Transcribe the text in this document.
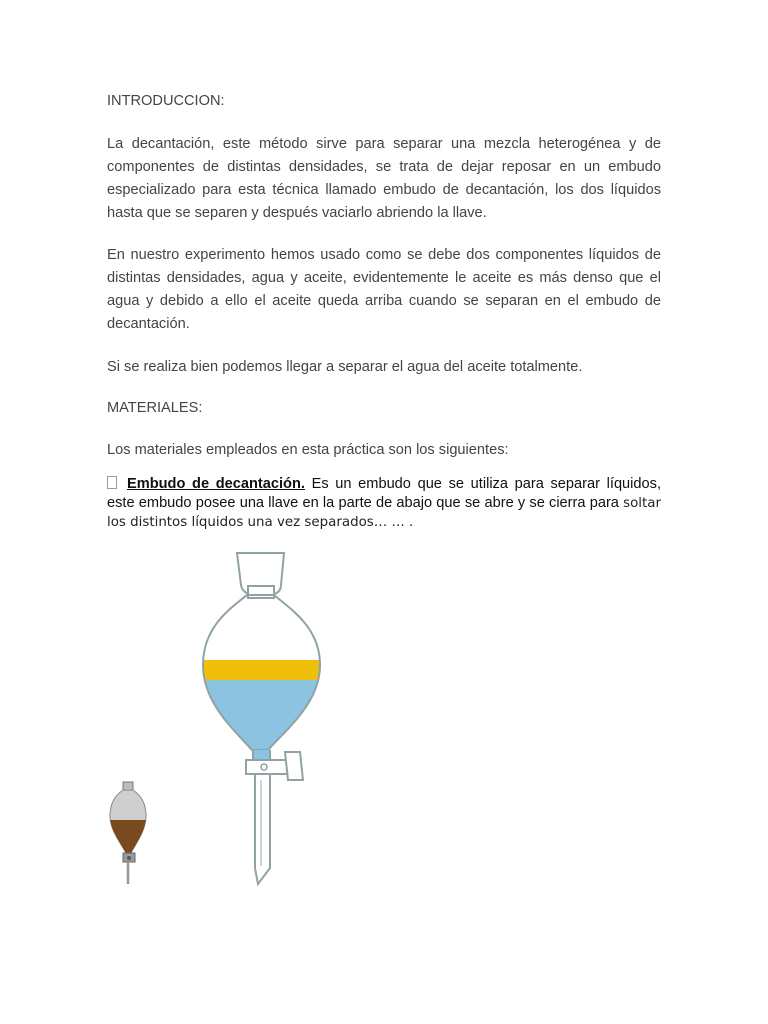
INTRODUCCION:

La decantación, este método sirve para separar una mezcla heterogénea y de componentes de distintas densidades, se trata de dejar reposar en un embudo especializado para esta técnica llamado embudo de decantación, los dos líquidos hasta que se separen y después vaciarlo abriendo la llave.

En nuestro experimento hemos usado como se debe dos componentes líquidos de distintas densidades, agua y aceite, evidentemente le aceite es más denso que el agua y debido a ello el aceite queda arriba cuando se separan en el embudo de decantación.

Si se realiza bien podemos llegar a separar el agua del aceite totalmente.

MATERIALES:

Los materiales empleados en esta práctica son los siguientes:

Embudo de decantación. Es un embudo que se utiliza para separar líquidos, este embudo posee una llave en la parte de abajo que se abre y se cierra para soltar los distintos líquidos una vez separados… … .
